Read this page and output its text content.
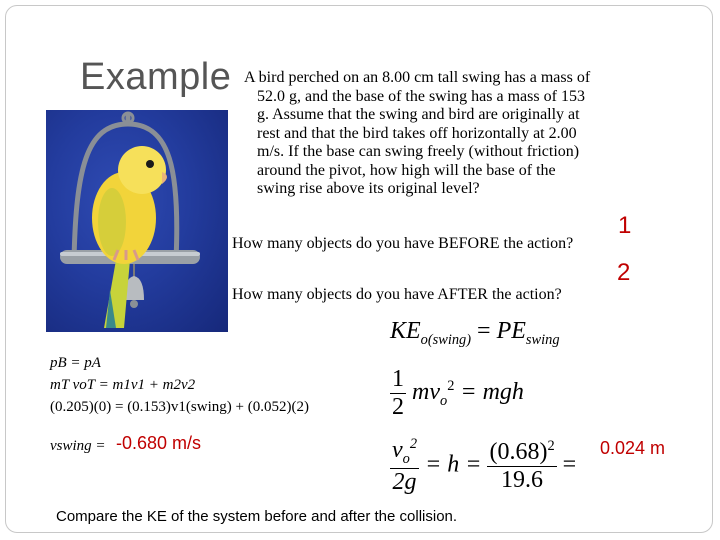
Example A bird perched on an 8.00 cm tall swing has a mass of
52.0 g, and the base of the swing has a mass of 153
g. Assume that the swing and bird are originally at
rest and that the bird takes off horizontally at 2.00
m/s. If the base can swing freely (without friction)
around the pivot, how high will the base of the
swing rise above its original level?
How many objects do you have BEFORE the action?
1
How many objects do you have AFTER the action?
2
pB = pA
mT voT = m1v1 + m2v2
(0.205)(0) = (0.153)v1(swing) + (0.052)(2)
vswing = -0.680 m/s
$KE_{o(swing)} = PE_{swing}$
$\frac{1}{2} mv_o^2$ = mgh
$\frac{v_o^2}{2g} = h = \frac{(0.68)^2}{19.6}$ =
0.024 m
Compare the KE of the system before and after the collision.
